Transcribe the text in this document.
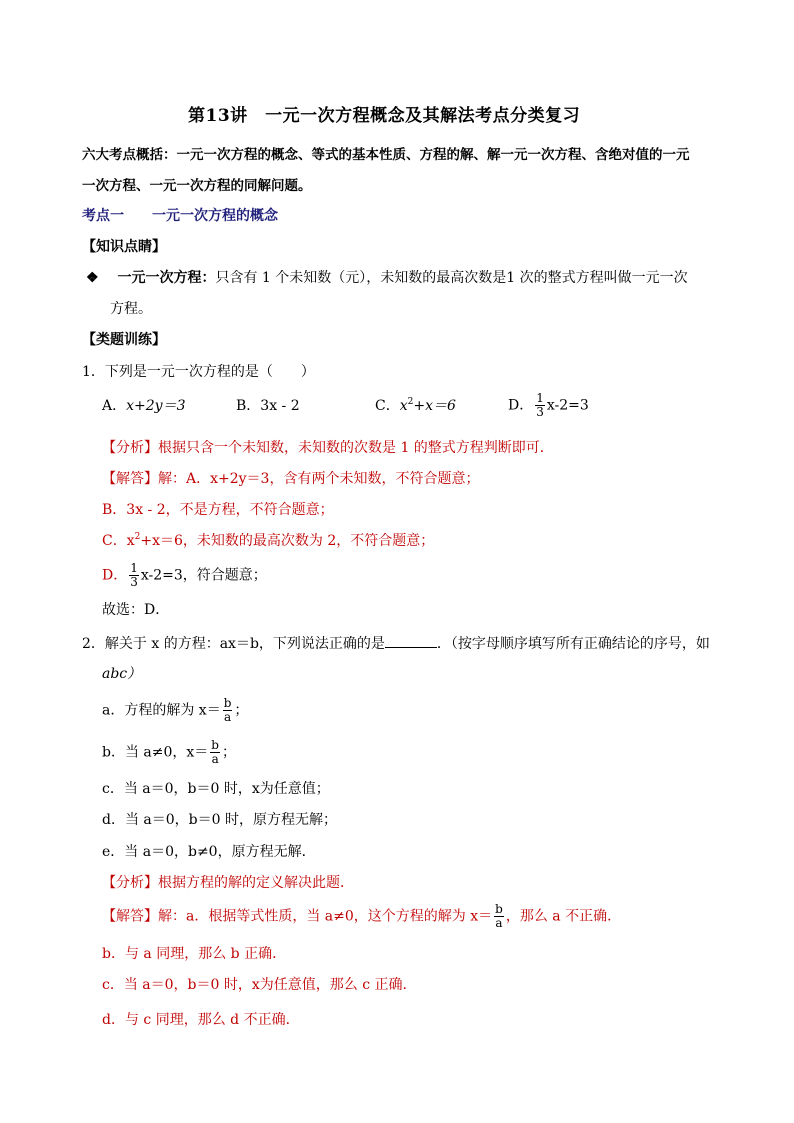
第13讲　一元一次方程概念及其解法考点分类复习
六大考点概括：一元一次方程的概念、等式的基本性质、方程的解、解一元一次方程、含绝对值的一元
一次方程、一元一次方程的同解问题。
考点一　　一元一次方程的概念
【知识点睛】
❖ 一元一次方程：只含有 1 个未知数（元），未知数的最高次数是1 次的整式方程叫做一元一次
方程。
【类题训练】
1．下列是一元一次方程的是（　　）
A．x+2y＝3	B．3x - 2	C．$x^2+x=6$	D． $\frac{1}{3} x-2=3$
【分析】根据只含一个未知数，未知数的次数是 1 的整式方程判断即可．
【解答】解：A．x+2y＝3，含有两个未知数，不符合题意；
B．3x - 2，不是方程，不符合题意；
C．$x^2+x=6$，未知数的最高次数为 2，不符合题意；
D． $\frac{1}{3} x-2=3$，符合题意；
故选：D．
2．解关于 x 的方程：ax＝b，下列说法正确的是	．（按字母顺序填写所有正确结论的序号，如
abc）
a．方程的解为 $x= \frac{b}{a}$ ；
b．当 a≠0，$x= \frac{b}{a}$ ；
c．当 a＝0，b＝0 时，x为任意值；
d．当 a＝0，b＝0 时，原方程无解；
e．当 a＝0，b≠0，原方程无解．
【分析】根据方程的解的定义解决此题．
【解答】解：a．根据等式性质，当 a≠0，这个方程的解为 $x= \frac{b}{a}$ ，那么 a 不正确．
b．与 a 同理，那么 b 正确．
c．当 a＝0，b＝0 时，x为任意值，那么 c 正确．
d．与 c 同理，那么 d 不正确．
